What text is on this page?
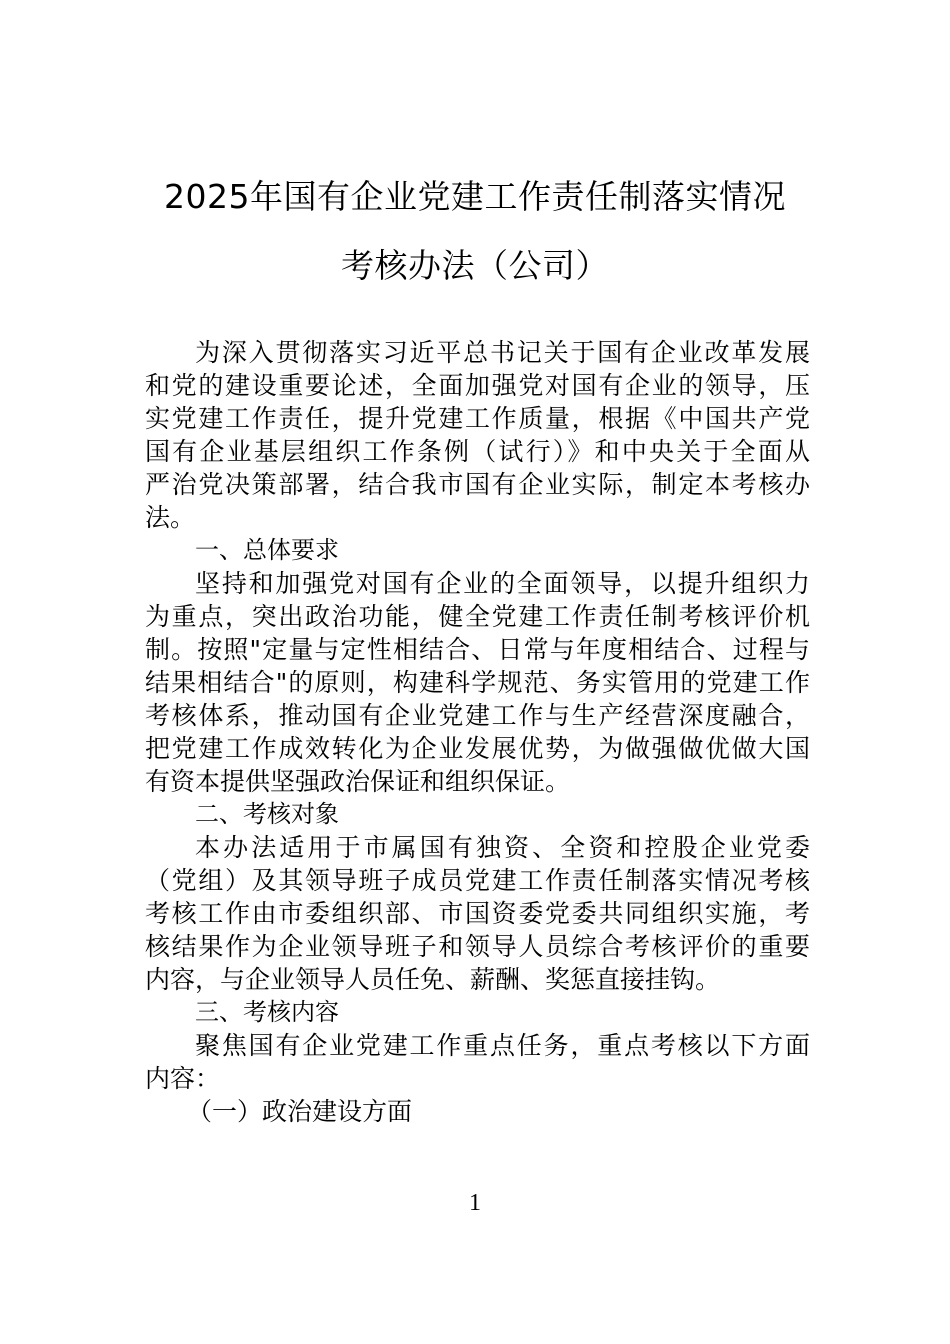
2025年国有企业党建工作责任制落实情况
考核办法（公司）
为深入贯彻落实习近平总书记关于国有企业改革发展
和党的建设重要论述，全面加强党对国有企业的领导，压
实党建工作责任，提升党建工作质量，根据《中国共产党
国有企业基层组织工作条例（试行）》和中央关于全面从
严治党决策部署，结合我市国有企业实际，制定本考核办
法。
一、总体要求
坚持和加强党对国有企业的全面领导，以提升组织力
为重点，突出政治功能，健全党建工作责任制考核评价机
制。按照"定量与定性相结合、日常与年度相结合、过程与
结果相结合"的原则，构建科学规范、务实管用的党建工作
考核体系，推动国有企业党建工作与生产经营深度融合，
把党建工作成效转化为企业发展优势，为做强做优做大国
有资本提供坚强政治保证和组织保证。
二、考核对象
本办法适用于市属国有独资、全资和控股企业党委
（党组）及其领导班子成员党建工作责任制落实情况考核
考核工作由市委组织部、市国资委党委共同组织实施，考
核结果作为企业领导班子和领导人员综合考核评价的重要
内容，与企业领导人员任免、薪酬、奖惩直接挂钩。
三、考核内容
聚焦国有企业党建工作重点任务，重点考核以下方面
内容：
（一）政治建设方面
1
